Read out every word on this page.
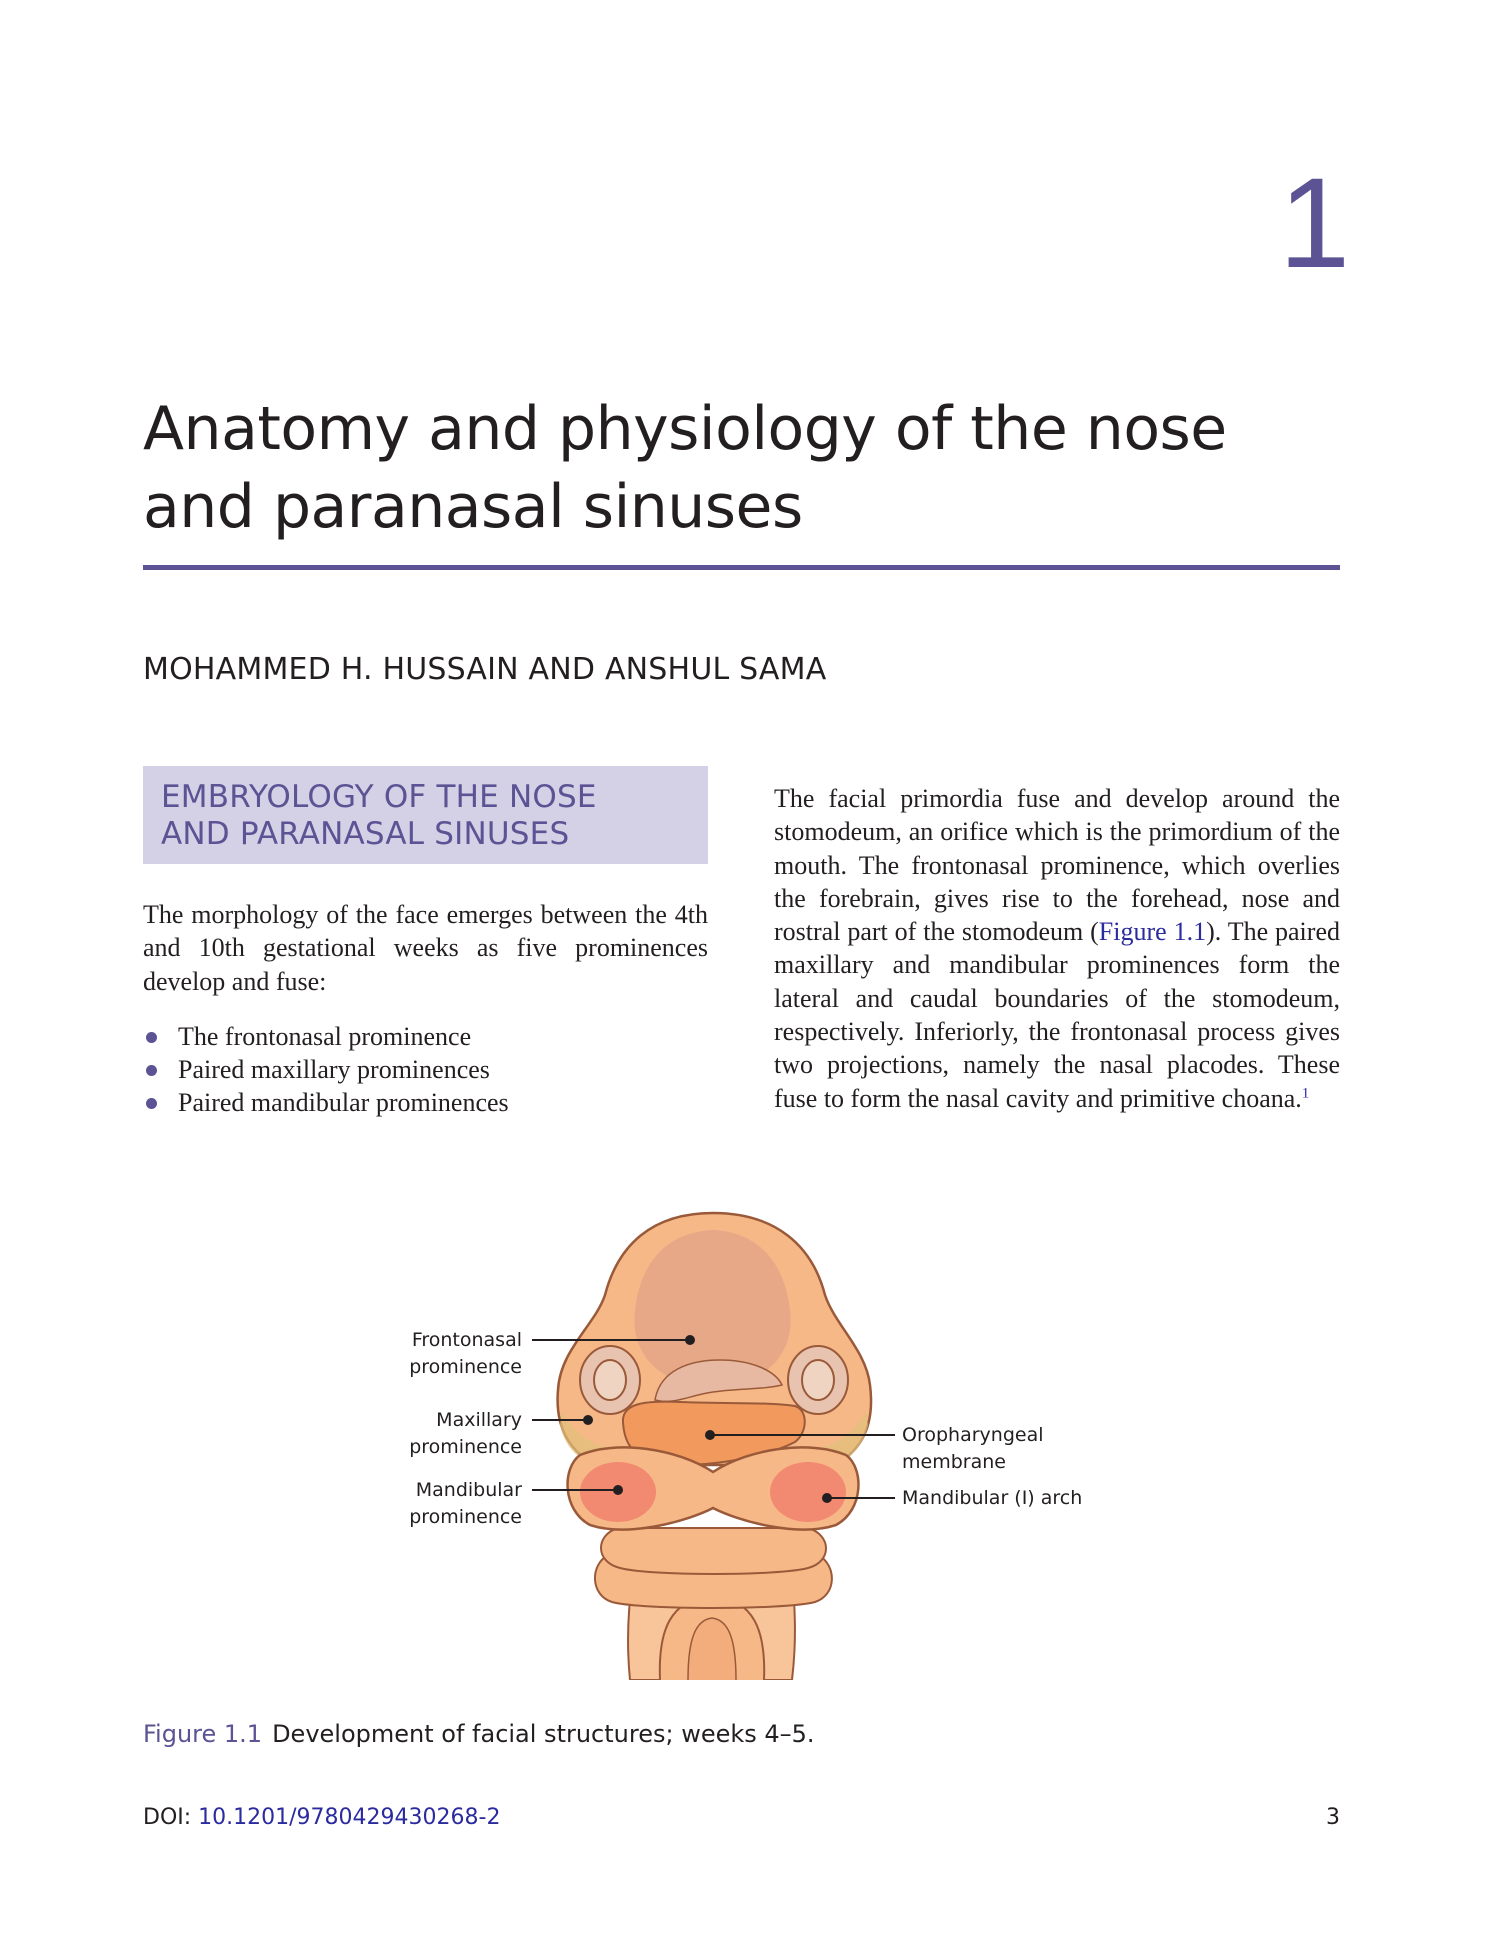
1
Anatomy and physiology of the nose
and paranasal sinuses
MOHAMMED H. HUSSAIN AND ANSHUL SAMA
EMBRYOLOGY OF THE NOSE
AND PARANASAL SINUSES

The morphology of the face emerges between the 4th and 10th gestational weeks as five prominences develop and fuse:

The frontonasal prominence
Paired maxillary prominences
Paired mandibular prominences

The facial primordia fuse and develop around the stomodeum, an orifice which is the primordium of the mouth. The frontonasal prominence, which overlies the forebrain, gives rise to the forehead, nose and rostral part of the stomodeum (Figure 1.1). The paired maxillary and mandibular prominences form the lateral and caudal boundaries of the stomodeum, respectively. Inferiorly, the frontonasal process gives two projections, namely the nasal placodes. These fuse to form the nasal cavity and primitive choana.$^1$

Frontonasal
prominence
Maxillary
prominence
Mandibular
prominence
Oropharyngeal
membrane
Mandibular (I) arch
Figure 1.1 Development of facial structures; weeks 4–5.
DOI: 10.1201/9780429430268-2	3
